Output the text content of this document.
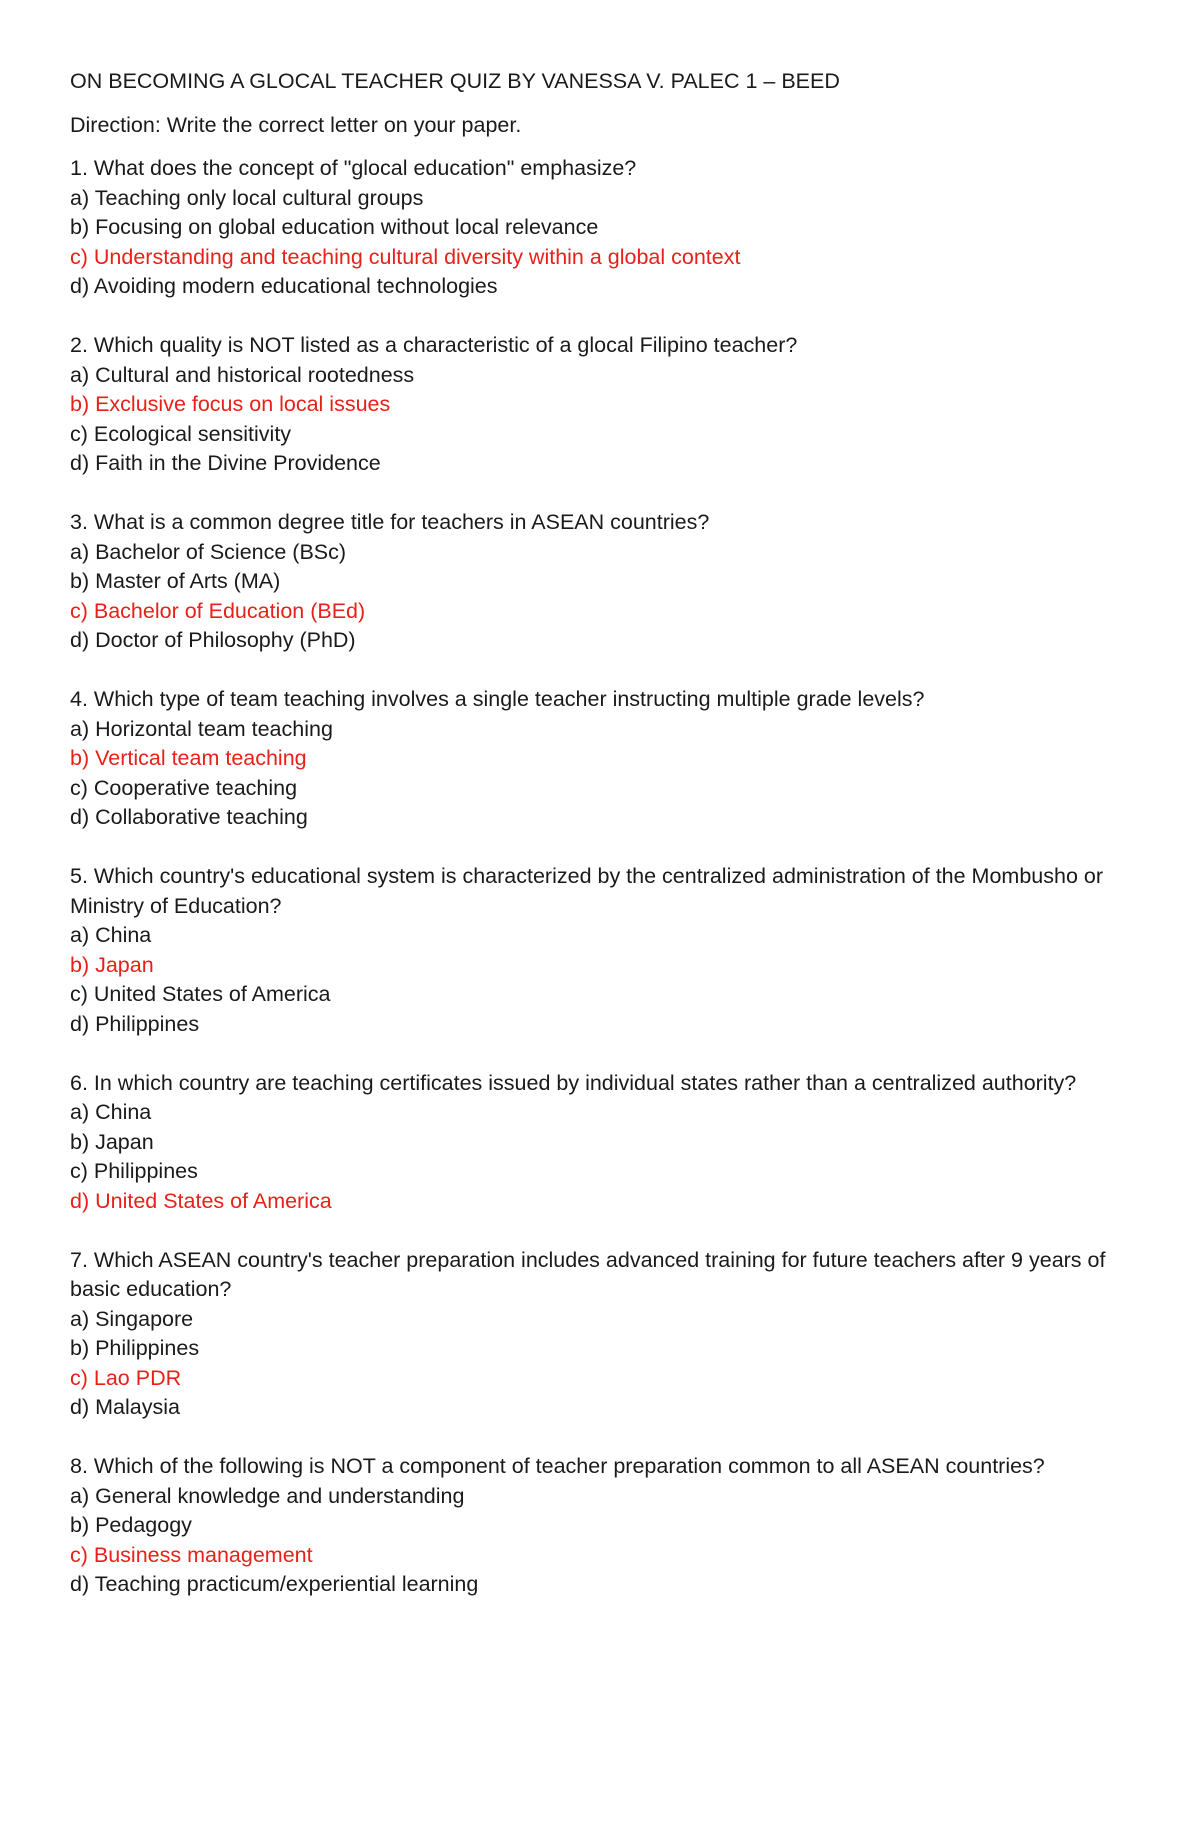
ON BECOMING A GLOCAL TEACHER QUIZ BY VANESSA V. PALEC 1 – BEED

Direction: Write the correct letter on your paper.

1. What does the concept of "glocal education" emphasize?

a) Teaching only local cultural groups

b) Focusing on global education without local relevance

c) Understanding and teaching cultural diversity within a global context

d) Avoiding modern educational technologies

2. Which quality is NOT listed as a characteristic of a glocal Filipino teacher?

a) Cultural and historical rootedness

b) Exclusive focus on local issues

c) Ecological sensitivity

d) Faith in the Divine Providence

3. What is a common degree title for teachers in ASEAN countries?

a) Bachelor of Science (BSc)

b) Master of Arts (MA)

c) Bachelor of Education (BEd)

d) Doctor of Philosophy (PhD)

4. Which type of team teaching involves a single teacher instructing multiple grade levels?

a) Horizontal team teaching

b) Vertical team teaching

c) Cooperative teaching

d) Collaborative teaching

5. Which country's educational system is characterized by the centralized administration of the Mombusho or Ministry of Education?

a) China

b) Japan

c) United States of America

d) Philippines

6. In which country are teaching certificates issued by individual states rather than a centralized authority?

a) China

b) Japan

c) Philippines

d) United States of America

7. Which ASEAN country's teacher preparation includes advanced training for future teachers after 9 years of basic education?

a) Singapore

b) Philippines

c) Lao PDR

d) Malaysia

8. Which of the following is NOT a component of teacher preparation common to all ASEAN countries?

a) General knowledge and understanding

b) Pedagogy

c) Business management

d) Teaching practicum/experiential learning
